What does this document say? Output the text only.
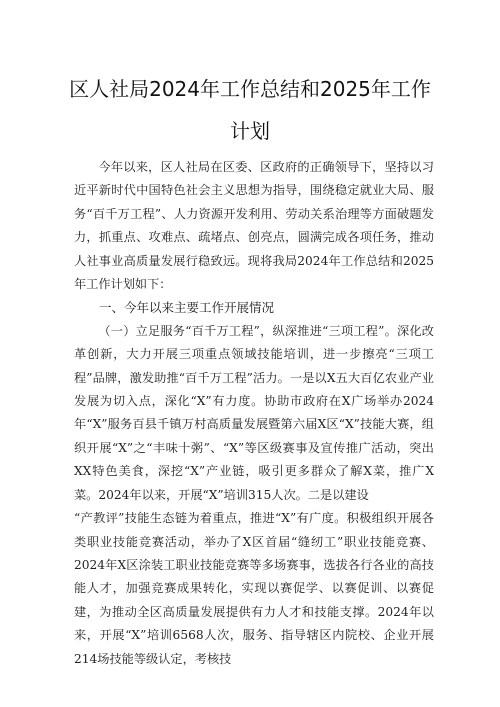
区人社局2024年工作总结和2025年工作
计划

今年以来，区人社局在区委、区政府的正确领导下，坚持以习近平新时代中国特色社会主义思想为指导，围绕稳定就业大局、服务“百千万工程”、人力资源开发利用、劳动关系治理等方面破题发力，抓重点、攻难点、疏堵点、创亮点，圆满完成各项任务，推动人社事业高质量发展行稳致远。现将我局2024年工作总结和2025年工作计划如下：

一、今年以来主要工作开展情况

（一）立足服务“百千万工程”，纵深推进“三项工程”。深化改革创新，大力开展三项重点领域技能培训，进一步擦亮“三项工程”品牌，激发助推“百千万工程”活力。一是以X五大百亿农业产业发展为切入点，深化“X”有力度。协助市政府在X广场举办2024年“X”服务百县千镇万村高质量发展暨第六届X区“X”技能大赛，组织开展“X”之“丰味十粥”、“X”等区级赛事及宣传推广活动，突出XX特色美食，深挖“X”产业链，吸引更多群众了解X菜，推广X菜。2024年以来，开展“X”培训315人次。二是以建设

“产教评”技能生态链为着重点，推进“X”有广度。积极组织开展各类职业技能竞赛活动，举办了X区首届“缝纫工”职业技能竞赛、2024年X区涂装工职业技能竞赛等多场赛事，选拔各行各业的高技能人才，加强竞赛成果转化，实现以赛促学、以赛促训、以赛促建，为推动全区高质量发展提供有力人才和技能支撑。2024年以来，开展“X”培训6568人次，服务、指导辖区内院校、企业开展214场技能等级认定，考核技
